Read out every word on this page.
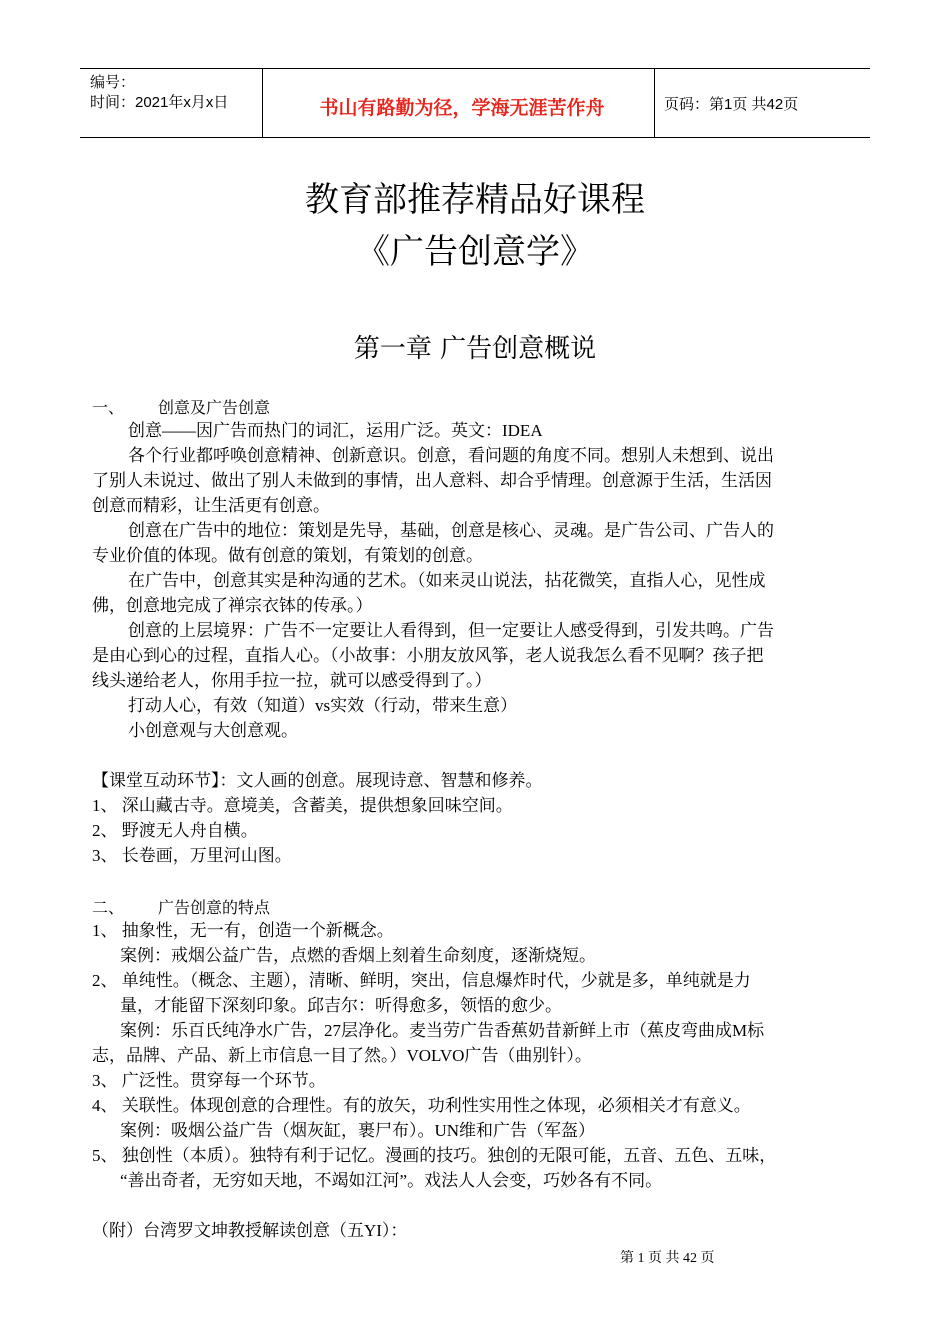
编号：
时间：2021年x月x日	书山有路勤为径，学海无涯苦作舟	页码：第1页 共42页
教育部推荐精品好课程
《广告创意学》
第一章 广告创意概说
一、 创意及广告创意
创意——因广告而热门的词汇，运用广泛。英文：IDEA
各个行业都呼唤创意精神、创新意识。创意，看问题的角度不同。想别人未想到、说出
了别人未说过、做出了别人未做到的事情，出人意料、却合乎情理。创意源于生活，生活因
创意而精彩，让生活更有创意。
创意在广告中的地位：策划是先导，基础，创意是核心、灵魂。是广告公司、广告人的
专业价值的体现。做有创意的策划，有策划的创意。
在广告中，创意其实是种沟通的艺术。（如来灵山说法，拈花微笑，直指人心，见性成
佛，创意地完成了禅宗衣钵的传承。）
创意的上层境界：广告不一定要让人看得到，但一定要让人感受得到，引发共鸣。广告
是由心到心的过程，直指人心。（小故事：小朋友放风筝，老人说我怎么看不见啊？孩子把
线头递给老人，你用手拉一拉，就可以感受得到了。）
打动人心，有效（知道）vs实效（行动，带来生意）
小创意观与大创意观。
【课堂互动环节】：文人画的创意。展现诗意、智慧和修养。
1、 深山藏古寺。意境美，含蓄美，提供想象回味空间。
2、 野渡无人舟自横。
3、 长卷画，万里河山图。
二、 广告创意的特点
1、 抽象性，无一有，创造一个新概念。
案例：戒烟公益广告，点燃的香烟上刻着生命刻度，逐渐烧短。
2、 单纯性。（概念、主题），清晰、鲜明，突出，信息爆炸时代，少就是多，单纯就是力
量，才能留下深刻印象。邱吉尔：听得愈多，领悟的愈少。
案例：乐百氏纯净水广告，27层净化。麦当劳广告香蕉奶昔新鲜上市（蕉皮弯曲成M标
志，品牌、产品、新上市信息一目了然。）VOLVO广告（曲别针）。
3、 广泛性。贯穿每一个环节。
4、 关联性。体现创意的合理性。有的放矢，功利性实用性之体现，必须相关才有意义。
案例：吸烟公益广告（烟灰缸，裹尸布）。UN维和广告（军盔）
5、 独创性（本质）。独特有利于记忆。漫画的技巧。独创的无限可能，五音、五色、五味，
“善出奇者，无穷如天地，不竭如江河”。戏法人人会变，巧妙各有不同。
（附）台湾罗文坤教授解读创意（五YI）：
第 1 页 共 42 页
